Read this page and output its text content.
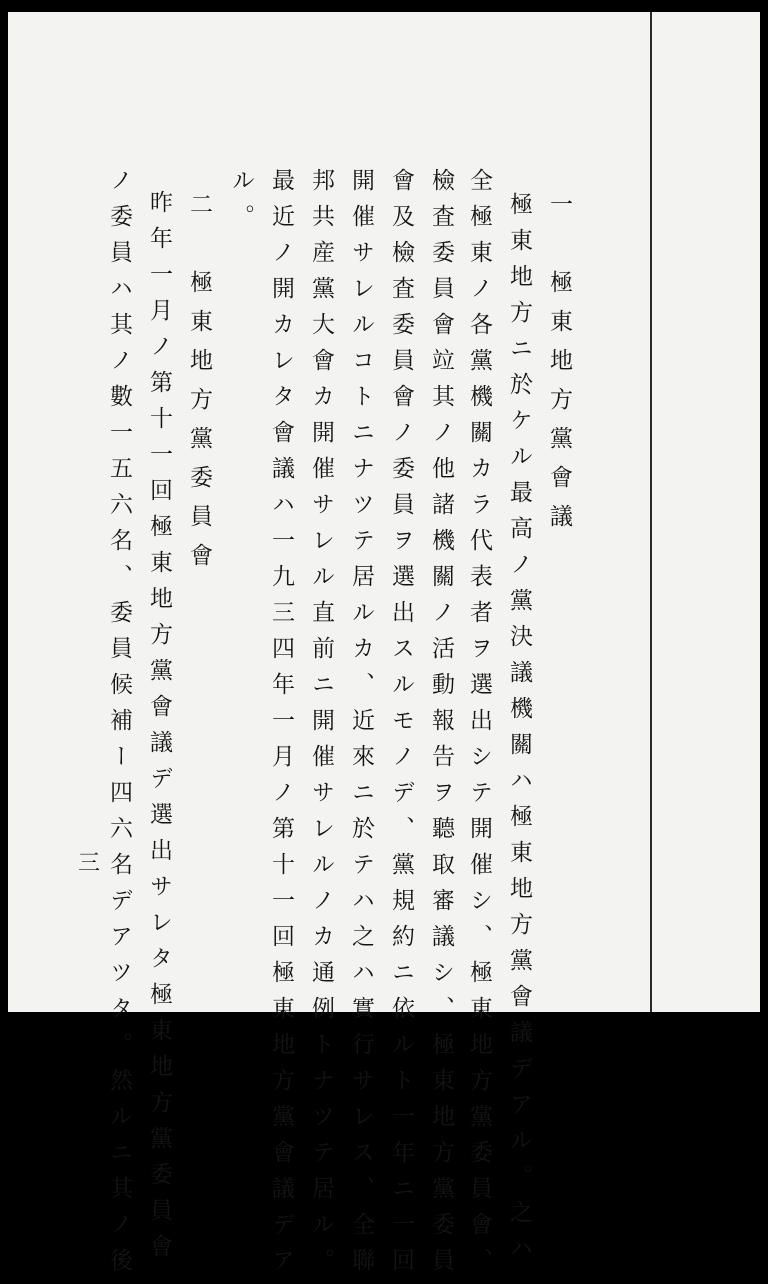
一　極東地方黨會議
極東地方ニ於ケル最高ノ黨決議機關ハ極東地方黨會議デアル。之ハ
全極東ノ各黨機關カラ代表者ヲ選出シテ開催シ、極東地方黨委員會、
檢査委員會竝其ノ他諸機關ノ活動報告ヲ聽取審議シ、極東地方黨委員
會及檢査委員會ノ委員ヲ選出スルモノデ、黨規約ニ依ルト一年ニ一回
開催サレルコトニナツテ居ルカ、近來ニ於テハ之ハ實行サレス、全聯
邦共産黨大會カ開催サレル直前ニ開催サレルノカ通例トナツテ居ル。
最近ノ開カレタ會議ハ一九三四年一月ノ第十一回極東地方黨會議デア
ル。
二　極東地方黨委員會
昨年一月ノ第十一回極東地方黨會議デ選出サレタ極東地方黨委員會
ノ委員ハ其ノ數一五六名、委員候補ー四六名デアツタ。然ルニ其ノ後
三
